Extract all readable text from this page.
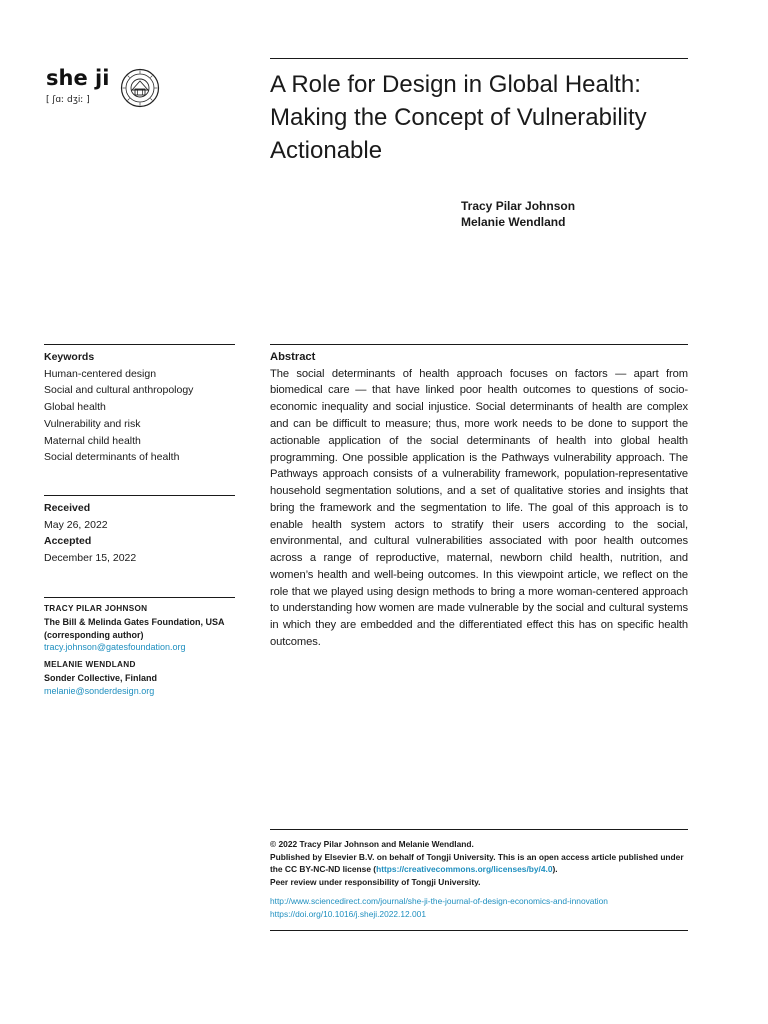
she ji
[ ʃɑː dʒiː ]
A Role for Design in Global Health: Making the Concept of Vulnerability Actionable
Tracy Pilar Johnson
Melanie Wendland
Keywords
Human-centered design
Social and cultural anthropology
Global health
Vulnerability and risk
Maternal child health
Social determinants of health
Received
May 26, 2022
Accepted
December 15, 2022
TRACY PILAR JOHNSON
The Bill & Melinda Gates Foundation, USA
(corresponding author)
tracy.johnson@gatesfoundation.org
MELANIE WENDLAND
Sonder Collective, Finland
melanie@sonderdesign.org
Abstract
The social determinants of health approach focuses on factors — apart from biomedical care — that have linked poor health outcomes to questions of socio-economic inequality and social injustice. Social determinants of health are complex and can be difficult to measure; thus, more work needs to be done to support the actionable application of the social determinants of health into global health programming. One possible application is the Pathways vulnerability approach. The Pathways approach consists of a vulnerability framework, population-representative household segmentation solutions, and a set of qualitative stories and insights that bring the framework and the segmentation to life. The goal of this approach is to enable health system actors to stratify their users according to the social, environmental, and cultural vulnerabilities associated with poor health outcomes across a range of reproductive, maternal, newborn child health, nutrition, and women’s health and well-being outcomes. In this viewpoint article, we reflect on the role that we played using design methods to bring a more woman-centered approach to understanding how women are made vulnerable by the social and cultural systems in which they are embedded and the differentiated effect this has on specific health outcomes.
© 2022 Tracy Pilar Johnson and Melanie Wendland.
Published by Elsevier B.V. on behalf of Tongji University. This is an open access article published under the CC BY-NC-ND license (https://creativecommons.org/licenses/by/4.0).
Peer review under responsibility of Tongji University.
http://www.sciencedirect.com/journal/she-ji-the-journal-of-design-economics-and-innovation
https://doi.org/10.1016/j.sheji.2022.12.001
